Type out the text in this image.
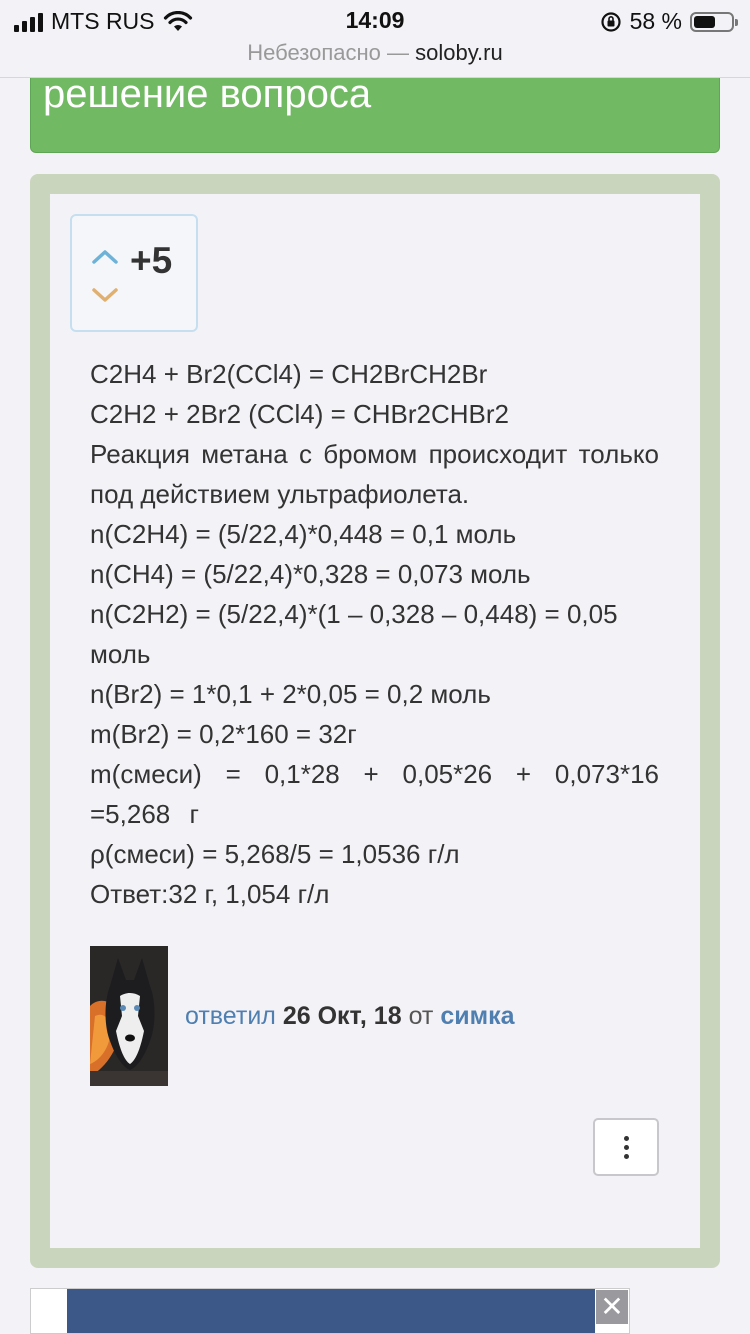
MTS RUS	14:09	58 %
Небезопасно — soloby.ru
решение вопроса
+5

C2H4 + Br2(CCl4) = CH2BrCH2Br

C2H2 + 2Br2 (CCl4) = CHBr2CHBr2

Реакция метана с бромом происходит только под действием ультрафиолета.

n(C2H4) = (5/22,4)*0,448 = 0,1 моль

n(CH4) = (5/22,4)*0,328 = 0,073 моль

n(C2H2) = (5/22,4)*(1 – 0,328 – 0,448) = 0,05 моль

n(Br2) = 1*0,1 + 2*0,05 = 0,2 моль

m(Br2) = 0,2*160 = 32г

m(смеси) = 0,1*28 + 0,05*26 + 0,073*16 =5,268 г

ρ(смеси) = 5,268/5 = 1,0536 г/л

Ответ:32 г, 1,054 г/л

ответил 26 Окт, 18 от симка
✕
